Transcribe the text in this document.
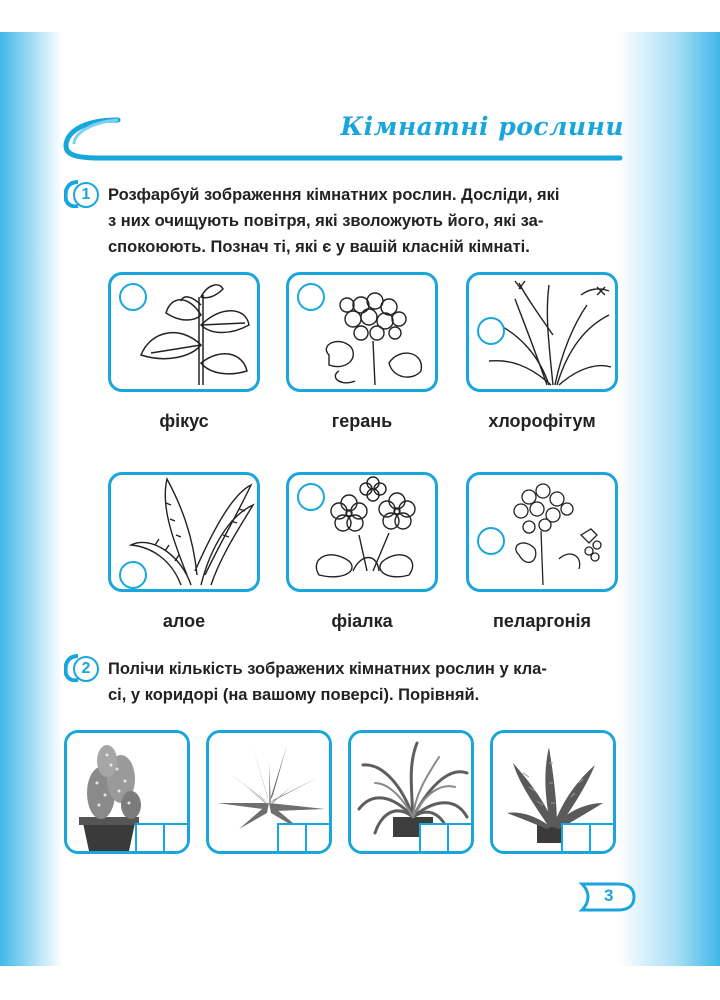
Кімнатні рослини
1	Розфарбуй зображення кімнатних рослин. Досліди, які
з них очищують повітря, які зволожують його, які за-
спокоюють. Познач ті, які є у вашій класній кімнаті.
фікус	герань	хлорофітум
алое	фіалка	пеларгонія
2	Полічи кількість зображених кімнатних рослин у кла-
сі, у коридорі (на вашому поверсі). Порівняй.
3
